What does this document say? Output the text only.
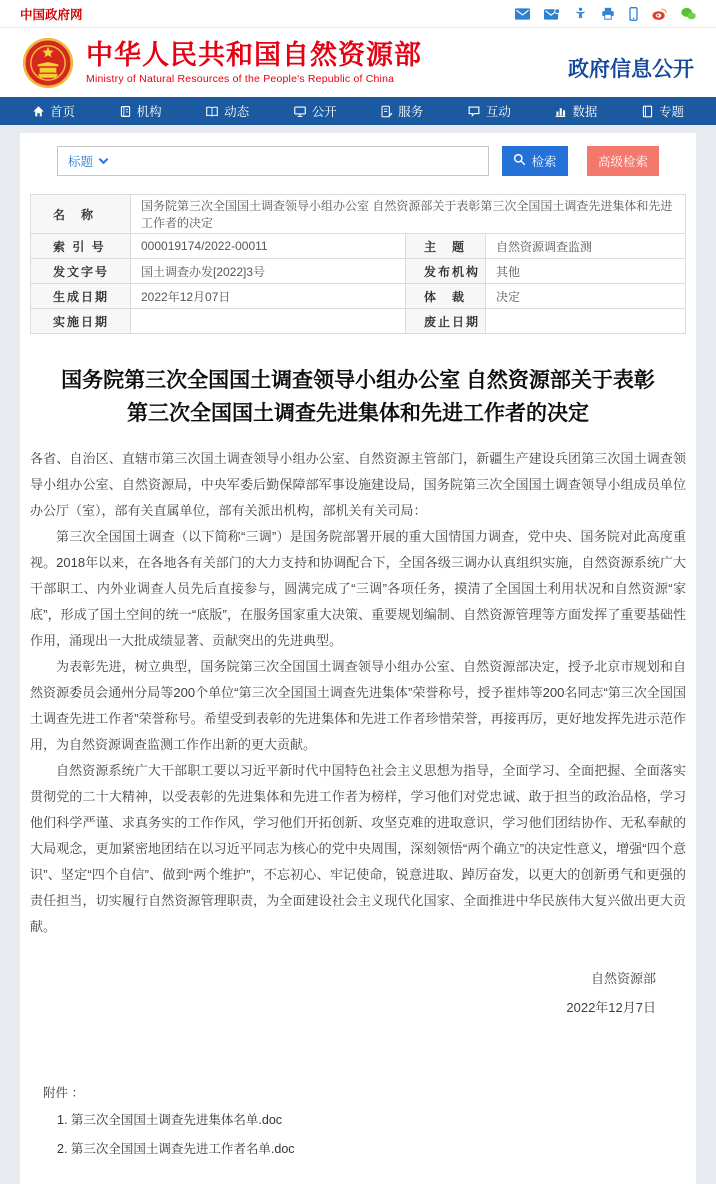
中国政府网
中华人民共和国自然资源部
Ministry of Natural Resources of the People's Republic of China	政府信息公开
首页	机构	动态	公开	服务	互动	数据	专题
标题	检索	高级检索
名　称	国务院第三次全国国土调查领导小组办公室 自然资源部关于表彰第三次全国国土调查先进集体和先进工作者的决定		
索 引 号	000019174/2022-00011	主　题	自然资源调查监测
发文字号	国土调查办发[2022]3号	发布机构	其他
生成日期	2022年12月07日	体　裁	决定
实施日期		废止日期	
国务院第三次全国国土调查领导小组办公室 自然资源部关于表彰第三次全国国土调查先进集体和先进工作者的决定

各省、自治区、直辖市第三次国土调查领导小组办公室、自然资源主管部门，新疆生产建设兵团第三次国土调查领导小组办公室、自然资源局，中央军委后勤保障部军事设施建设局，国务院第三次全国国土调查领导小组成员单位办公厅（室），部有关直属单位，部有关派出机构，部机关有关司局：

第三次全国国土调查（以下简称“三调”）是国务院部署开展的重大国情国力调查，党中央、国务院对此高度重视。2018年以来，在各地各有关部门的大力支持和协调配合下，全国各级三调办认真组织实施，自然资源系统广大干部职工、内外业调查人员先后直接参与，圆满完成了“三调”各项任务，摸清了全国国土利用状况和自然资源“家底”，形成了国土空间的统一“底版”，在服务国家重大决策、重要规划编制、自然资源管理等方面发挥了重要基础性作用，涌现出一大批成绩显著、贡献突出的先进典型。

为表彰先进，树立典型，国务院第三次全国国土调查领导小组办公室、自然资源部决定，授予北京市规划和自然资源委员会通州分局等200个单位“第三次全国国土调查先进集体”荣誉称号，授予崔炜等200名同志“第三次全国国土调查先进工作者”荣誉称号。希望受到表彰的先进集体和先进工作者珍惜荣誉，再接再厉，更好地发挥先进示范作用，为自然资源调查监测工作作出新的更大贡献。

自然资源系统广大干部职工要以习近平新时代中国特色社会主义思想为指导，全面学习、全面把握、全面落实贯彻党的二十大精神，以受表彰的先进集体和先进工作者为榜样，学习他们对党忠诚、敢于担当的政治品格，学习他们科学严谨、求真务实的工作作风，学习他们开拓创新、攻坚克难的进取意识，学习他们团结协作、无私奉献的大局观念，更加紧密地团结在以习近平同志为核心的党中央周围，深刻领悟“两个确立”的决定性意义，增强“四个意识”、坚定“四个自信”、做到“两个维护”，不忘初心、牢记使命，锐意进取、踔厉奋发，以更大的创新勇气和更强的责任担当，切实履行自然资源管理职责，为全面建设社会主义现代化国家、全面推进中华民族伟大复兴做出更大贡献。

自然资源部
2022年12月7日
附件 ：
1. 第三次全国国土调查先进集体名单.doc
2. 第三次全国国土调查先进工作者名单.doc
